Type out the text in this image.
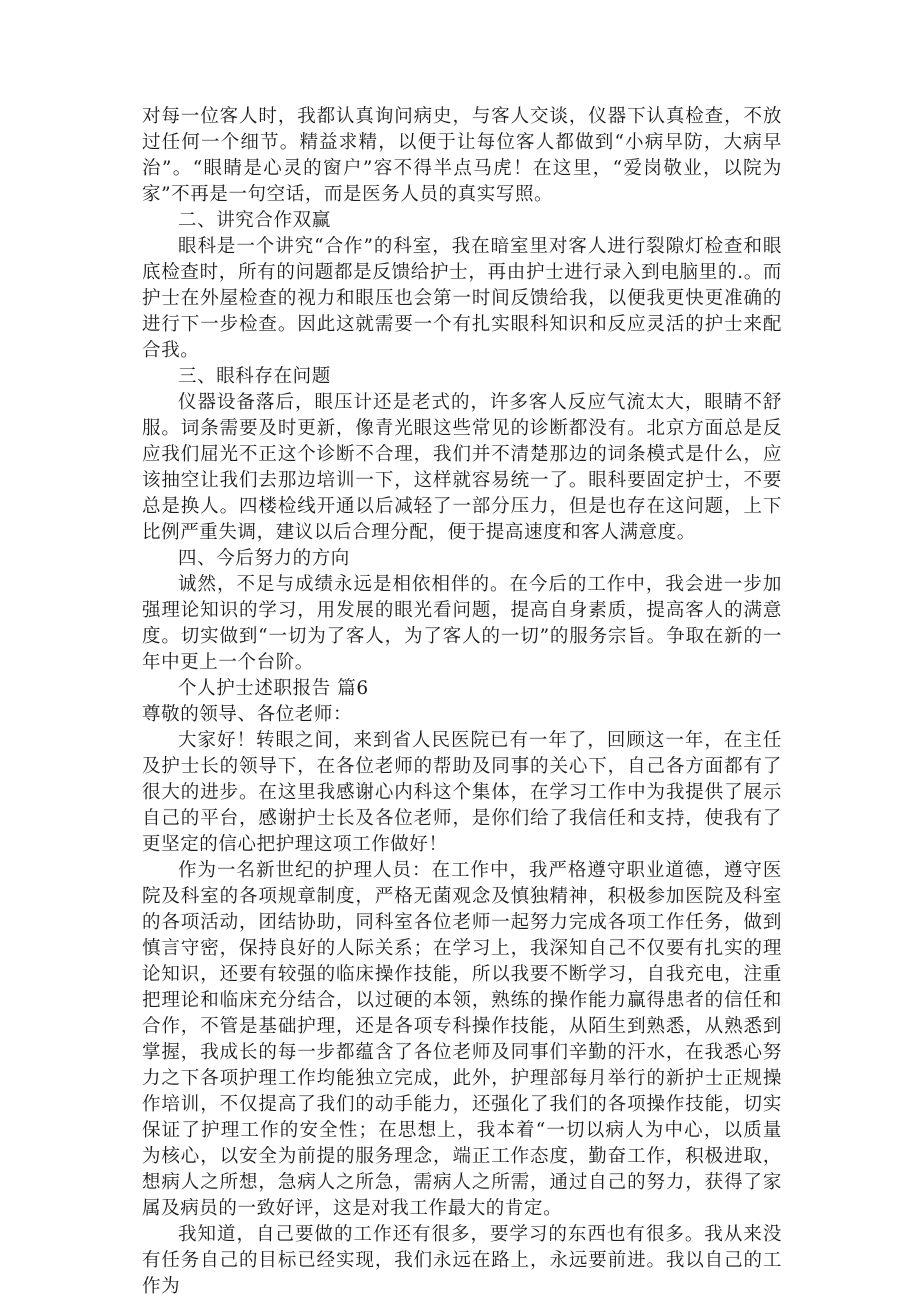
对每一位客人时，我都认真询问病史，与客人交谈，仪器下认真检查，不放过任何一个细节。精益求精，以便于让每位客人都做到“小病早防，大病早治”。“眼睛是心灵的窗户”容不得半点马虎！在这里，“爱岗敬业，以院为家”不再是一句空话，而是医务人员的真实写照。

二、讲究合作双赢

眼科是一个讲究“合作”的科室，我在暗室里对客人进行裂隙灯检查和眼底检查时，所有的问题都是反馈给护士，再由护士进行录入到电脑里的.。而护士在外屋检查的视力和眼压也会第一时间反馈给我，以便我更快更准确的进行下一步检查。因此这就需要一个有扎实眼科知识和反应灵活的护士来配合我。

三、眼科存在问题

仪器设备落后，眼压计还是老式的，许多客人反应气流太大，眼睛不舒服。词条需要及时更新，像青光眼这些常见的诊断都没有。北京方面总是反应我们屈光不正这个诊断不合理，我们并不清楚那边的词条模式是什么，应该抽空让我们去那边培训一下，这样就容易统一了。眼科要固定护士，不要总是换人。四楼检线开通以后减轻了一部分压力，但是也存在这问题，上下比例严重失调，建议以后合理分配，便于提高速度和客人满意度。

四、今后努力的方向

诚然，不足与成绩永远是相依相伴的。在今后的工作中，我会进一步加强理论知识的学习，用发展的眼光看问题，提高自身素质，提高客人的满意度。切实做到“一切为了客人，为了客人的一切”的服务宗旨。争取在新的一年中更上一个台阶。

个人护士述职报告 篇6

尊敬的领导、各位老师：

大家好！转眼之间，来到省人民医院已有一年了，回顾这一年，在主任及护士长的领导下，在各位老师的帮助及同事的关心下，自己各方面都有了很大的进步。在这里我感谢心内科这个集体，在学习工作中为我提供了展示自己的平台，感谢护士长及各位老师，是你们给了我信任和支持，使我有了更坚定的信心把护理这项工作做好！

作为一名新世纪的护理人员：在工作中，我严格遵守职业道德，遵守医院及科室的各项规章制度，严格无菌观念及慎独精神，积极参加医院及科室的各项活动，团结协助，同科室各位老师一起努力完成各项工作任务，做到慎言守密，保持良好的人际关系；在学习上，我深知自己不仅要有扎实的理论知识，还要有较强的临床操作技能，所以我要不断学习，自我充电，注重把理论和临床充分结合，以过硬的本领，熟练的操作能力赢得患者的信任和合作，不管是基础护理，还是各项专科操作技能，从陌生到熟悉，从熟悉到掌握，我成长的每一步都蕴含了各位老师及同事们辛勤的汗水，在我悉心努力之下各项护理工作均能独立完成，此外，护理部每月举行的新护士正规操作培训，不仅提高了我们的动手能力，还强化了我们的各项操作技能，切实保证了护理工作的安全性；在思想上，我本着“一切以病人为中心，以质量为核心，以安全为前提的服务理念，端正工作态度，勤奋工作，积极进取，想病人之所想，急病人之所急，需病人之所需，通过自己的努力，获得了家属及病员的一致好评，这是对我工作最大的肯定。

我知道，自己要做的工作还有很多，要学习的东西也有很多。我从来没有任务自己的目标已经实现，我们永远在路上，永远要前进。我以自己的工作为
